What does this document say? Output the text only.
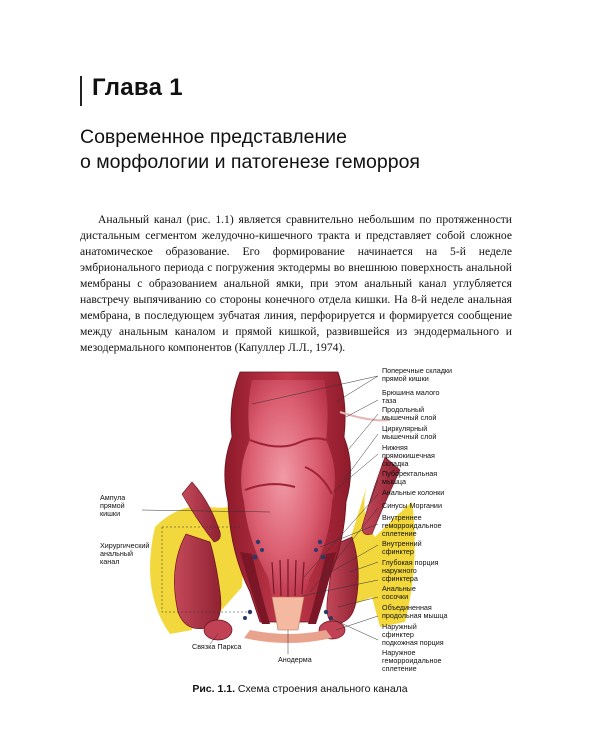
Глава 1
Современное представление
о морфологии и патогенезе геморроя

Анальный канал (рис. 1.1) является сравнительно небольшим по протяженности дистальным сегментом желудочно-кишечного тракта и представляет собой сложное анатомическое образование. Его формирование начинается на 5-й неделе эмбрионального периода с погружения эктодермы во внешнюю поверхность анальной мембраны с образованием анальной ямки, при этом анальный канал углубляется навстречу выпячиванию со стороны конечного отдела кишки. На 8-й неделе анальная мембрана, в последующем зубчатая линия, перфорируется и формируется сообщение между анальным каналом и прямой кишкой, развившейся из эндодермального и мезодермального компонентов (Капуллер Л.Л., 1974).

Поперечные складки прямой кишки
Брюшина малого таза
Продольный мышечный слой
Циркулярный мышечный слой
Нижняя прямокишечная складка
Пуборектальная мышца
Анальные колонки
Синусы Моргании
Внутреннее геморроидальное сплетение
Внутренний сфинктер
Глубокая порция наружного сфинктера
Анальные сосочки
Объединенная продольная мышца
Наружный сфинктер подкожная порция
Наружное геморроидальное сплетение
Ампула прямой кишки
Хирургический анальный канал
Связка Паркса
Анодерма
Рис. 1.1. Схема строения анального канала
